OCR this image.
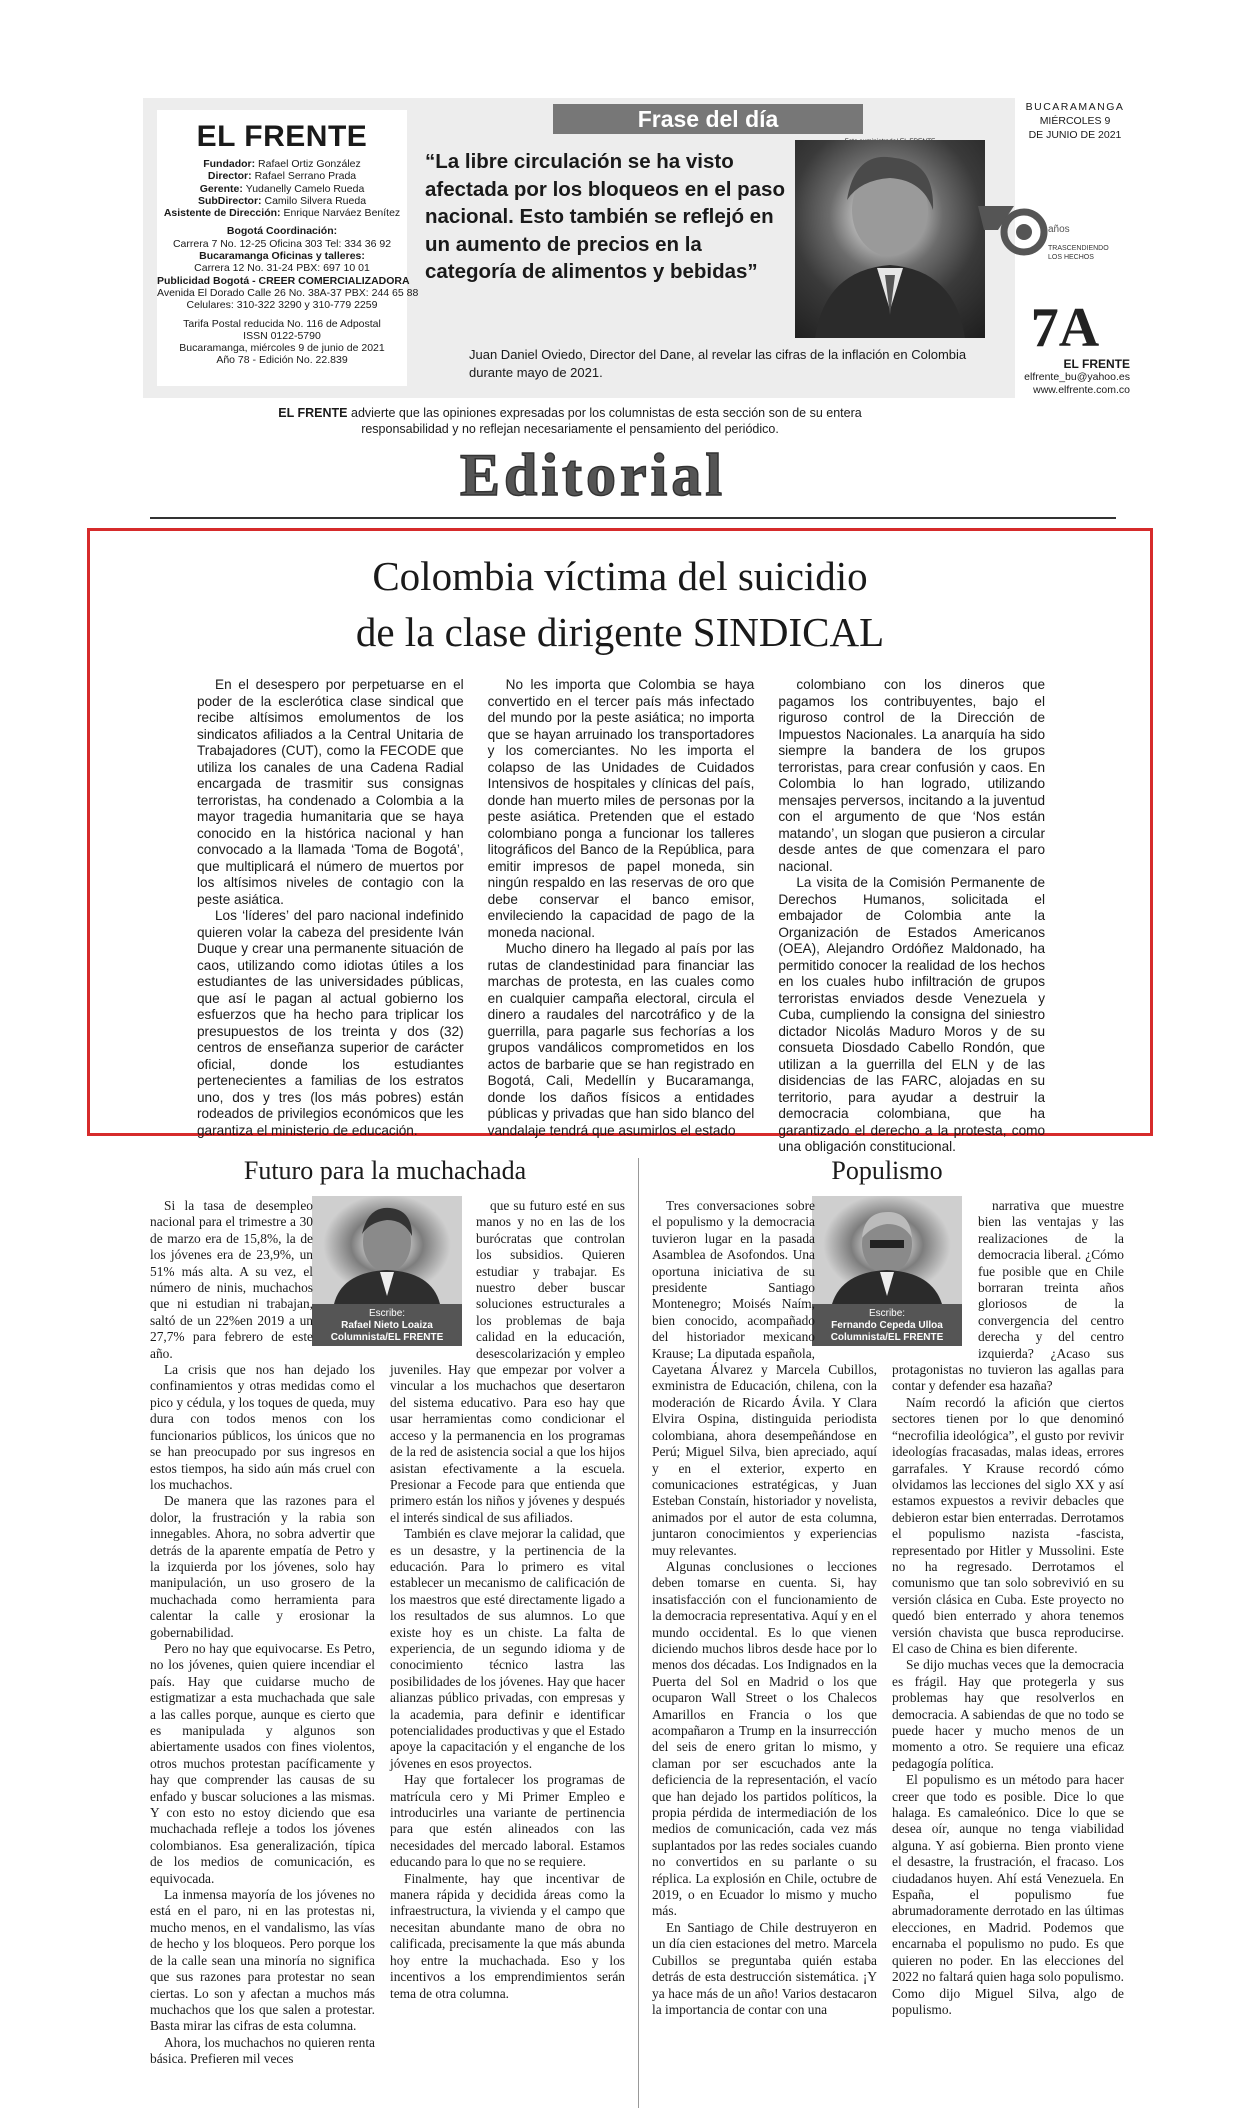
EL FRENTE
Fundador: Rafael Ortiz González
Director: Rafael Serrano Prada
Gerente: Yudanelly Camelo Rueda
SubDirector: Camilo Silvera Rueda
Asistente de Dirección: Enrique Narváez Benítez
Bogotá Coordinación:
Carrera 7 No. 12-25 Oficina 303 Tel: 334 36 92
Bucaramanga Oficinas y talleres:
Carrera 12 No. 31-24 PBX: 697 10 01
Publicidad Bogotá - CREER COMERCIALIZADORA
Avenida El Dorado Calle 26 No. 38A-37 PBX: 244 65 88
Celulares: 310-322 3290 y 310-779 2259
Tarifa Postal reducida No. 116 de Adpostal
ISSN 0122-5790
Bucaramanga, miércoles 9 de junio de 2021
Año 78 - Edición No. 22.839
Frase del día
“La libre circulación se ha visto afectada por los bloqueos en el paso nacional. Esto también se reflejó en un aumento de precios en la categoría de alimentos y bebidas”
Juan Daniel Oviedo, Director del Dane, al revelar las cifras de la inflación en Colombia durante mayo de 2021.
BUCARAMANGA
MIÉRCOLES 9
DE JUNIO DE 2021
años
TRASCENDIENDO
LOS HECHOS
7A
EL FRENTE
elfrente_bu@yahoo.es
www.elfrente.com.co
EL FRENTE advierte que las opiniones expresadas por los columnistas de esta sección son de su entera responsabilidad y no reflejan necesariamente el pensamiento del periódico.
Editorial
Colombia víctima del suicidio
de la clase dirigente SINDICAL

En el desespero por perpetuarse en el poder de la esclerótica clase sindical que recibe altísimos emolumentos de los sindicatos afiliados a la Central Unitaria de Trabajadores (CUT), como la FECODE que utiliza los canales de una Cadena Radial encargada de trasmitir sus consignas terroristas, ha condenado a Colombia a la mayor tragedia humanitaria que se haya conocido en la histórica nacional y han convocado a la llamada ‘Toma de Bogotá’, que multiplicará el número de muertos por los altísimos niveles de contagio con la peste asiática.

Los ‘líderes’ del paro nacional indefinido quieren volar la cabeza del presidente Iván Duque y crear una permanente situación de caos, utilizando como idiotas útiles a los estudiantes de las universidades públicas, que así le pagan al actual gobierno los esfuerzos que ha hecho para triplicar los presupuestos de los treinta y dos (32) centros de enseñanza superior de carácter oficial, donde los estudiantes pertenecientes a familias de los estratos uno, dos y tres (los más pobres) están rodeados de privilegios económicos que les garantiza el ministerio de educación.

No les importa que Colombia se haya convertido en el tercer país más infectado del mundo por la peste asiática; no importa que se hayan arruinado los transportadores y los comerciantes. No les importa el colapso de las Unidades de Cuidados Intensivos de hospitales y clínicas del país, donde han muerto miles de personas por la peste asiática. Pretenden que el estado colombiano ponga a funcionar los talleres litográficos del Banco de la República, para emitir impresos de papel moneda, sin ningún respaldo en las reservas de oro que debe conservar el banco emisor, envileciendo la capacidad de pago de la moneda nacional.

Mucho dinero ha llegado al país por las rutas de clandestinidad para financiar las marchas de protesta, en las cuales como en cualquier campaña electoral, circula el dinero a raudales del narcotráfico y de la guerrilla, para pagarle sus fechorías a los grupos vandálicos comprometidos en los actos de barbarie que se han registrado en Bogotá, Cali, Medellín y Bucaramanga, donde los daños físicos a entidades públicas y privadas que han sido blanco del vandalaje tendrá que asumirlos el estado

colombiano con los dineros que pagamos los contribuyentes, bajo el riguroso control de la Dirección de Impuestos Nacionales. La anarquía ha sido siempre la bandera de los grupos terroristas, para crear confusión y caos. En Colombia lo han logrado, utilizando mensajes perversos, incitando a la juventud con el argumento de que ‘Nos están matando’, un slogan que pusieron a circular desde antes de que comenzara el paro nacional.

La visita de la Comisión Permanente de Derechos Humanos, solicitada el embajador de Colombia ante la Organización de Estados Americanos (OEA), Alejandro Ordóñez Maldonado, ha permitido conocer la realidad de los hechos en los cuales hubo infiltración de grupos terroristas enviados desde Venezuela y Cuba, cumpliendo la consigna del siniestro dictador Nicolás Maduro Moros y de su consueta Diosdado Cabello Rondón, que utilizan a la guerrilla del ELN y de las disidencias de las FARC, alojadas en su territorio, para ayudar a destruir la democracia colombiana, que ha garantizado el derecho a la protesta, como una obligación constitucional.

Futuro para la muchachada
Escribe:
Rafael Nieto Loaiza
Columnista/EL FRENTE

Si la tasa de desempleo nacional para el trimestre a 30 de marzo era de 15,8%, la de los jóvenes era de 23,9%, un 51% más alta. A su vez, el número de ninis, muchachos que ni estudian ni trabajan, saltó de un 22%en 2019 a un 27,7% para febrero de este año.

La crisis que nos han dejado los confinamientos y otras medidas como el pico y cédula, y los toques de queda, muy dura con todos menos con los funcionarios públicos, los únicos que no se han preocupado por sus ingresos en estos tiempos, ha sido aún más cruel con los muchachos.

De manera que las razones para el dolor, la frustración y la rabia son innegables. Ahora, no sobra advertir que detrás de la aparente empatía de Petro y la izquierda por los jóvenes, solo hay manipulación, un uso grosero de la muchachada como herramienta para calentar la calle y erosionar la gobernabilidad.

Pero no hay que equivocarse. Es Petro, no los jóvenes, quien quiere incendiar el país. Hay que cuidarse mucho de estigmatizar a esta muchachada que sale a las calles porque, aunque es cierto que es manipulada y algunos son abiertamente usados con fines violentos, otros muchos protestan pacíficamente y hay que comprender las causas de su enfado y buscar soluciones a las mismas. Y con esto no estoy diciendo que esa muchachada refleje a todos los jóvenes colombianos. Esa generalización, típica de los medios de comunicación, es equivocada.

La inmensa mayoría de los jóvenes no está en el paro, ni en las protestas ni, mucho menos, en el vandalismo, las vías de hecho y los bloqueos. Pero porque los de la calle sean una minoría no significa que sus razones para protestar no sean ciertas. Lo son y afectan a muchos más muchachos que los que salen a protestar. Basta mirar las cifras de esta columna.

Ahora, los muchachos no quieren renta básica. Prefieren mil veces

que su futuro esté en sus manos y no en las de los burócratas que controlan los subsidios. Quieren estudiar y trabajar. Es nuestro deber buscar soluciones estructurales a los problemas de baja calidad en la educación, desescolarización y empleo juveniles. Hay que empezar por volver a vincular a los muchachos que desertaron del sistema educativo. Para eso hay que usar herramientas como condicionar el acceso y la permanencia en los programas de la red de asistencia social a que los hijos asistan efectivamente a la escuela. Presionar a Fecode para que entienda que primero están los niños y jóvenes y después el interés sindical de sus afiliados.

También es clave mejorar la calidad, que es un desastre, y la pertinencia de la educación. Para lo primero es vital establecer un mecanismo de calificación de los maestros que esté directamente ligado a los resultados de sus alumnos. Lo que existe hoy es un chiste. La falta de experiencia, de un segundo idioma y de conocimiento técnico lastra las posibilidades de los jóvenes. Hay que hacer alianzas público privadas, con empresas y la academia, para definir e identificar potencialidades productivas y que el Estado apoye la capacitación y el enganche de los jóvenes en esos proyectos.

Hay que fortalecer los programas de matrícula cero y Mi Primer Empleo e introducirles una variante de pertinencia para que estén alineados con las necesidades del mercado laboral. Estamos educando para lo que no se requiere.

Finalmente, hay que incentivar de manera rápida y decidida áreas como la infraestructura, la vivienda y el campo que necesitan abundante mano de obra no calificada, precisamente la que más abunda hoy entre la muchachada. Eso y los incentivos a los emprendimientos serán tema de otra columna.

Populismo
Escribe:
Fernando Cepeda Ulloa
Columnista/EL FRENTE

Tres conversaciones sobre el populismo y la democracia tuvieron lugar en la pasada Asamblea de Asofondos. Una oportuna iniciativa de su presidente Santiago Montenegro; Moisés Naím, bien conocido, acompañado del historiador mexicano Krause; La diputada española, Cayetana Álvarez y Marcela Cubillos, exministra de Educación, chilena, con la moderación de Ricardo Ávila. Y Clara Elvira Ospina, distinguida periodista colombiana, ahora desempeñándose en Perú; Miguel Silva, bien apreciado, aquí y en el exterior, experto en comunicaciones estratégicas, y Juan Esteban Constaín, historiador y novelista, animados por el autor de esta columna, juntaron conocimientos y experiencias muy relevantes.

Algunas conclusiones o lecciones deben tomarse en cuenta. Si, hay insatisfacción con el funcionamiento de la democracia representativa. Aquí y en el mundo occidental. Es lo que vienen diciendo muchos libros desde hace por lo menos dos décadas. Los Indignados en la Puerta del Sol en Madrid o los que ocuparon Wall Street o los Chalecos Amarillos en Francia o los que acompañaron a Trump en la insurrección del seis de enero gritan lo mismo, y claman por ser escuchados ante la deficiencia de la representación, el vacío que han dejado los partidos políticos, la propia pérdida de intermediación de los medios de comunicación, cada vez más suplantados por las redes sociales cuando no convertidos en su parlante o su réplica. La explosión en Chile, octubre de 2019, o en Ecuador lo mismo y mucho más.

En Santiago de Chile destruyeron en un día cien estaciones del metro. Marcela Cubillos se preguntaba quién estaba detrás de esta destrucción sistemática. ¡Y ya hace más de un año! Varios destacaron la importancia de contar con una

narrativa que muestre bien las ventajas y las realizaciones de la democracia liberal. ¿Cómo fue posible que en Chile borraran treinta años gloriosos de la convergencia del centro derecha y del centro izquierda? ¿Acaso sus protagonistas no tuvieron las agallas para contar y defender esa hazaña?

Naím recordó la afición que ciertos sectores tienen por lo que denominó “necrofilia ideológica”, el gusto por revivir ideologías fracasadas, malas ideas, errores garrafales. Y Krause recordó cómo olvidamos las lecciones del siglo XX y así estamos expuestos a revivir debacles que debieron estar bien enterradas. Derrotamos el populismo nazista -fascista, representado por Hitler y Mussolini. Este no ha regresado. Derrotamos el comunismo que tan solo sobrevivió en su versión clásica en Cuba. Este proyecto no quedó bien enterrado y ahora tenemos versión chavista que busca reproducirse. El caso de China es bien diferente.

Se dijo muchas veces que la democracia es frágil. Hay que protegerla y sus problemas hay que resolverlos en democracia. A sabiendas de que no todo se puede hacer y mucho menos de un momento a otro. Se requiere una eficaz pedagogía política.

El populismo es un método para hacer creer que todo es posible. Dice lo que halaga. Es camaleónico. Dice lo que se desea oír, aunque no tenga viabilidad alguna. Y así gobierna. Bien pronto viene el desastre, la frustración, el fracaso. Los ciudadanos huyen. Ahí está Venezuela. En España, el populismo fue abrumadoramente derrotado en las últimas elecciones, en Madrid. Podemos que encarnaba el populismo no pudo. Es que quieren no poder. En las elecciones del 2022 no faltará quien haga solo populismo. Como dijo Miguel Silva, algo de populismo.
